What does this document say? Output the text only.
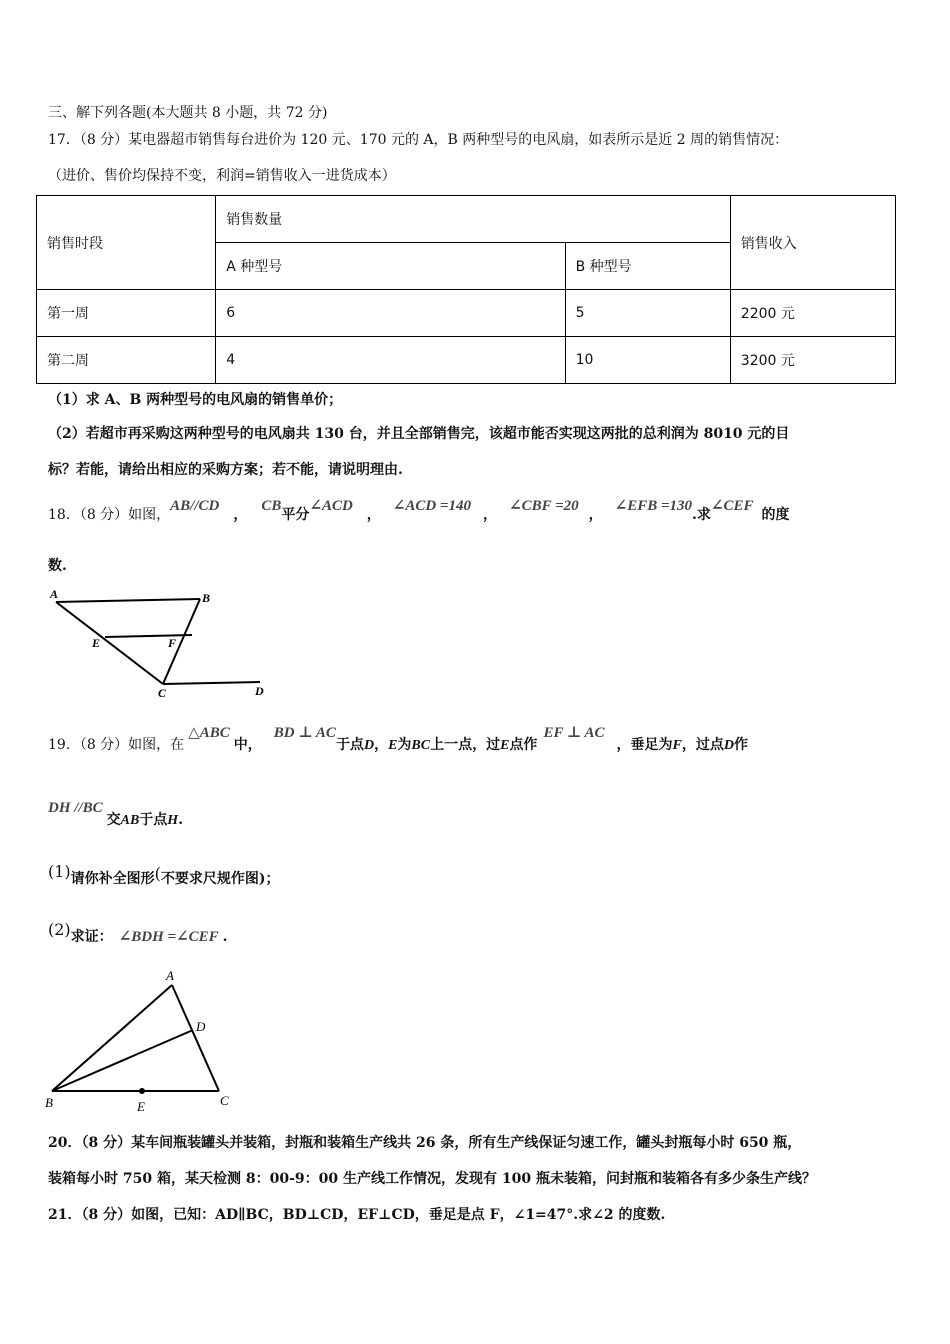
三、解下列各题(本大题共 8 小题，共 72 分)
17．（8 分）某电器超市销售每台进价为 120 元、170 元的 A，B 两种型号的电风扇，如表所示是近 2 周的销售情况：
（进价、售价均保持不变，利润=销售收入一进货成本）
销售时段	销售数量		销售收入
	A 种型号	B 种型号	
第一周	6	5	2200 元
第二周	4	10	3200 元
（1）求 A、B 两种型号的电风扇的销售单价；
（2）若超市再采购这两种型号的电风扇共 130 台，并且全部销售完，该超市能否实现这两批的总利润为 8010 元的目
标？若能，请给出相应的采购方案；若不能，请说明理由.
18．（8 分）如图，AB//CD，CB平分∠ACD，∠ACD =140，∠CBF =20，∠EFB =130.求∠CEF的度
数.
A	B
E	F
C	D
19．（8 分）如图，在△ABC中，BD ⊥ AC于点D，E为BC上一点，过E点作EF ⊥ AC，垂足为F，过点D作
DH //BC交AB于点H.
(1)请你补全图形(不要求尺规作图)；
(2)求证： ∠BDH =∠CEF .
A
D
B	E	C
20．（8 分）某车间瓶装罐头并装箱，封瓶和装箱生产线共 26 条，所有生产线保证匀速工作，罐头封瓶每小时 650 瓶，
装箱每小时 750 箱，某天检测 8：00-9：00 生产线工作情况，发现有 100 瓶未装箱，问封瓶和装箱各有多少条生产线？
21．（8 分）如图，已知：AD∥BC，BD⊥CD，EF⊥CD，垂足是点 F，∠1=47°.求∠2 的度数.
